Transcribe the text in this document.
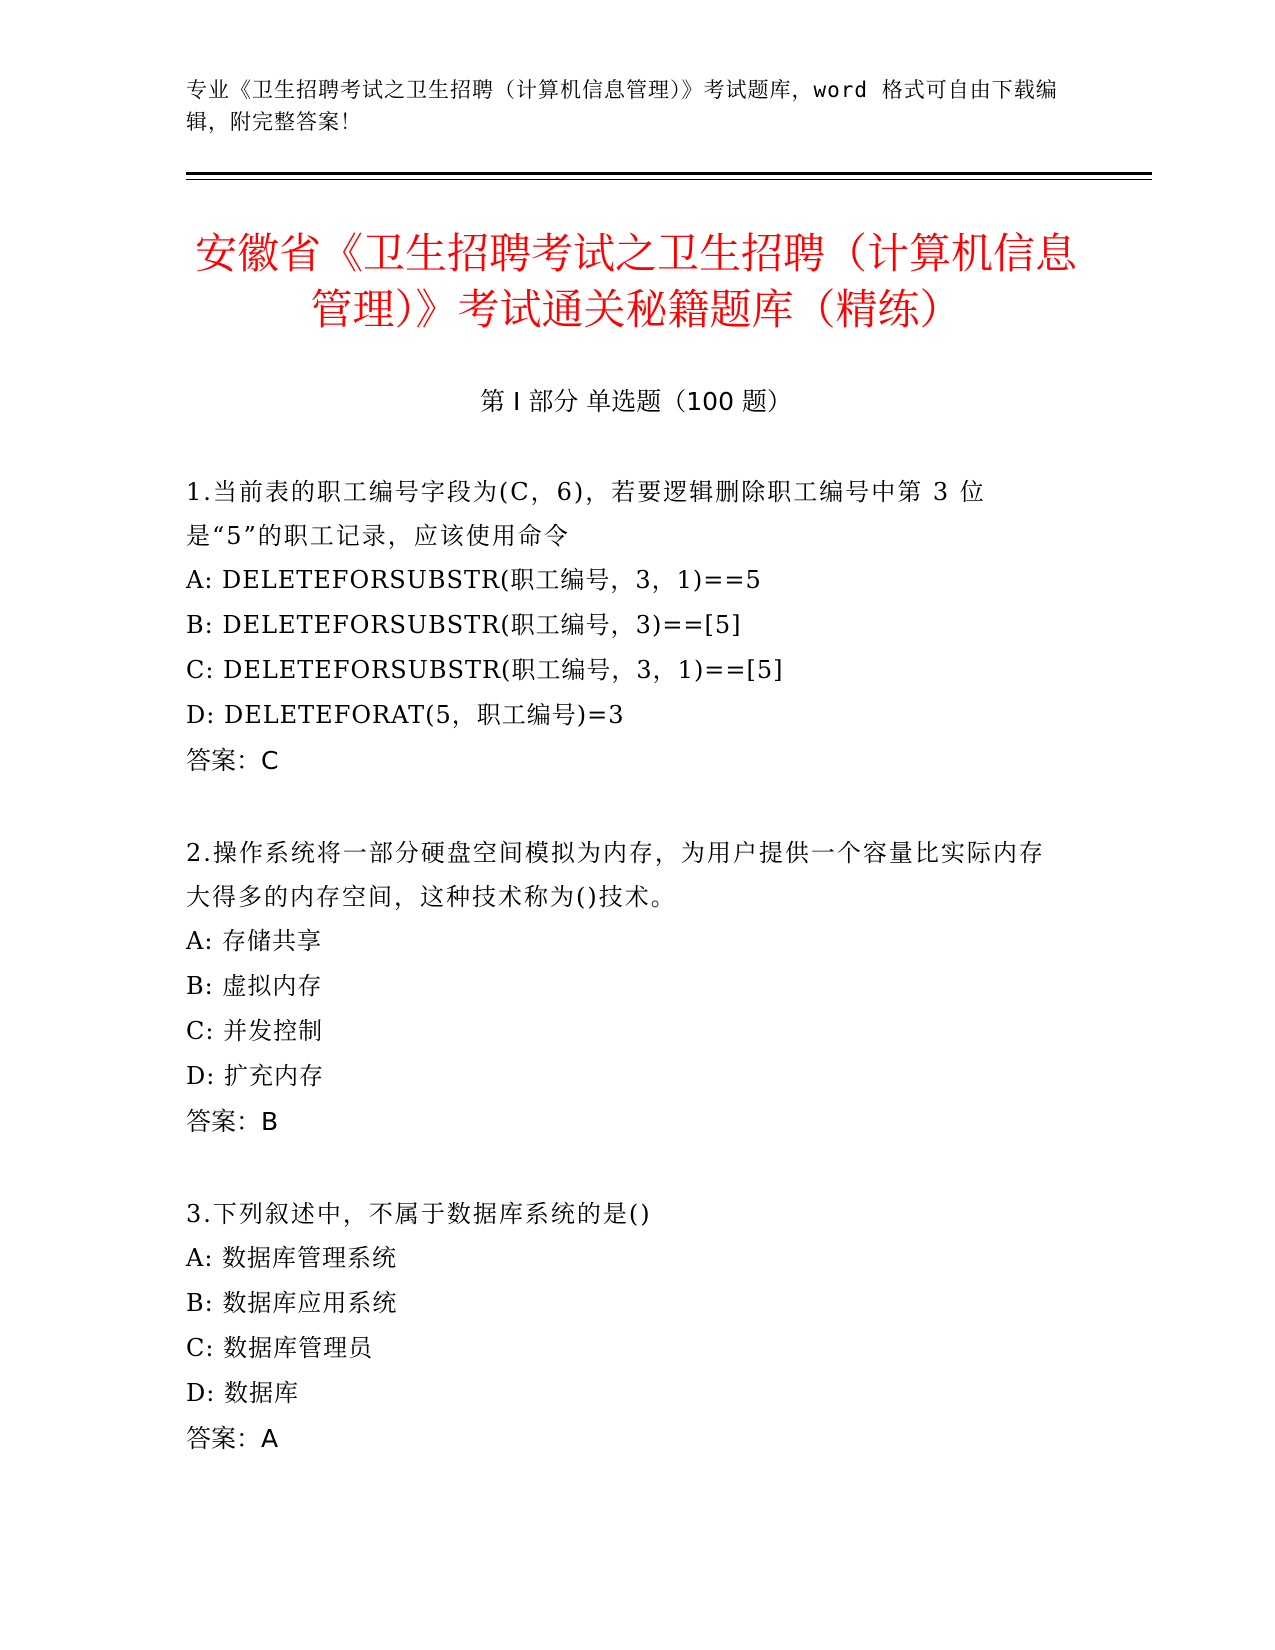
专业《卫生招聘考试之卫生招聘（计算机信息管理）》考试题库，word 格式可自由下载编辑，附完整答案！
安徽省《卫生招聘考试之卫生招聘（计算机信息管理）》考试通关秘籍题库（精练）
第 I 部分 单选题（100 题）

1.当前表的职工编号字段为(C，6)，若要逻辑删除职工编号中第 3 位是“5”的职工记录，应该使用命令

A: DELETEFORSUBSTR(职工编号，3，1)==5

B: DELETEFORSUBSTR(职工编号，3)==[5]

C: DELETEFORSUBSTR(职工编号，3，1)==[5]

D: DELETEFORAT(5，职工编号)=3

答案：C

2.操作系统将一部分硬盘空间模拟为内存，为用户提供一个容量比实际内存大得多的内存空间，这种技术称为()技术。

A: 存储共享

B: 虚拟内存

C: 并发控制

D: 扩充内存

答案：B

3.下列叙述中，不属于数据库系统的是()

A: 数据库管理系统

B: 数据库应用系统

C: 数据库管理员

D: 数据库

答案：A
